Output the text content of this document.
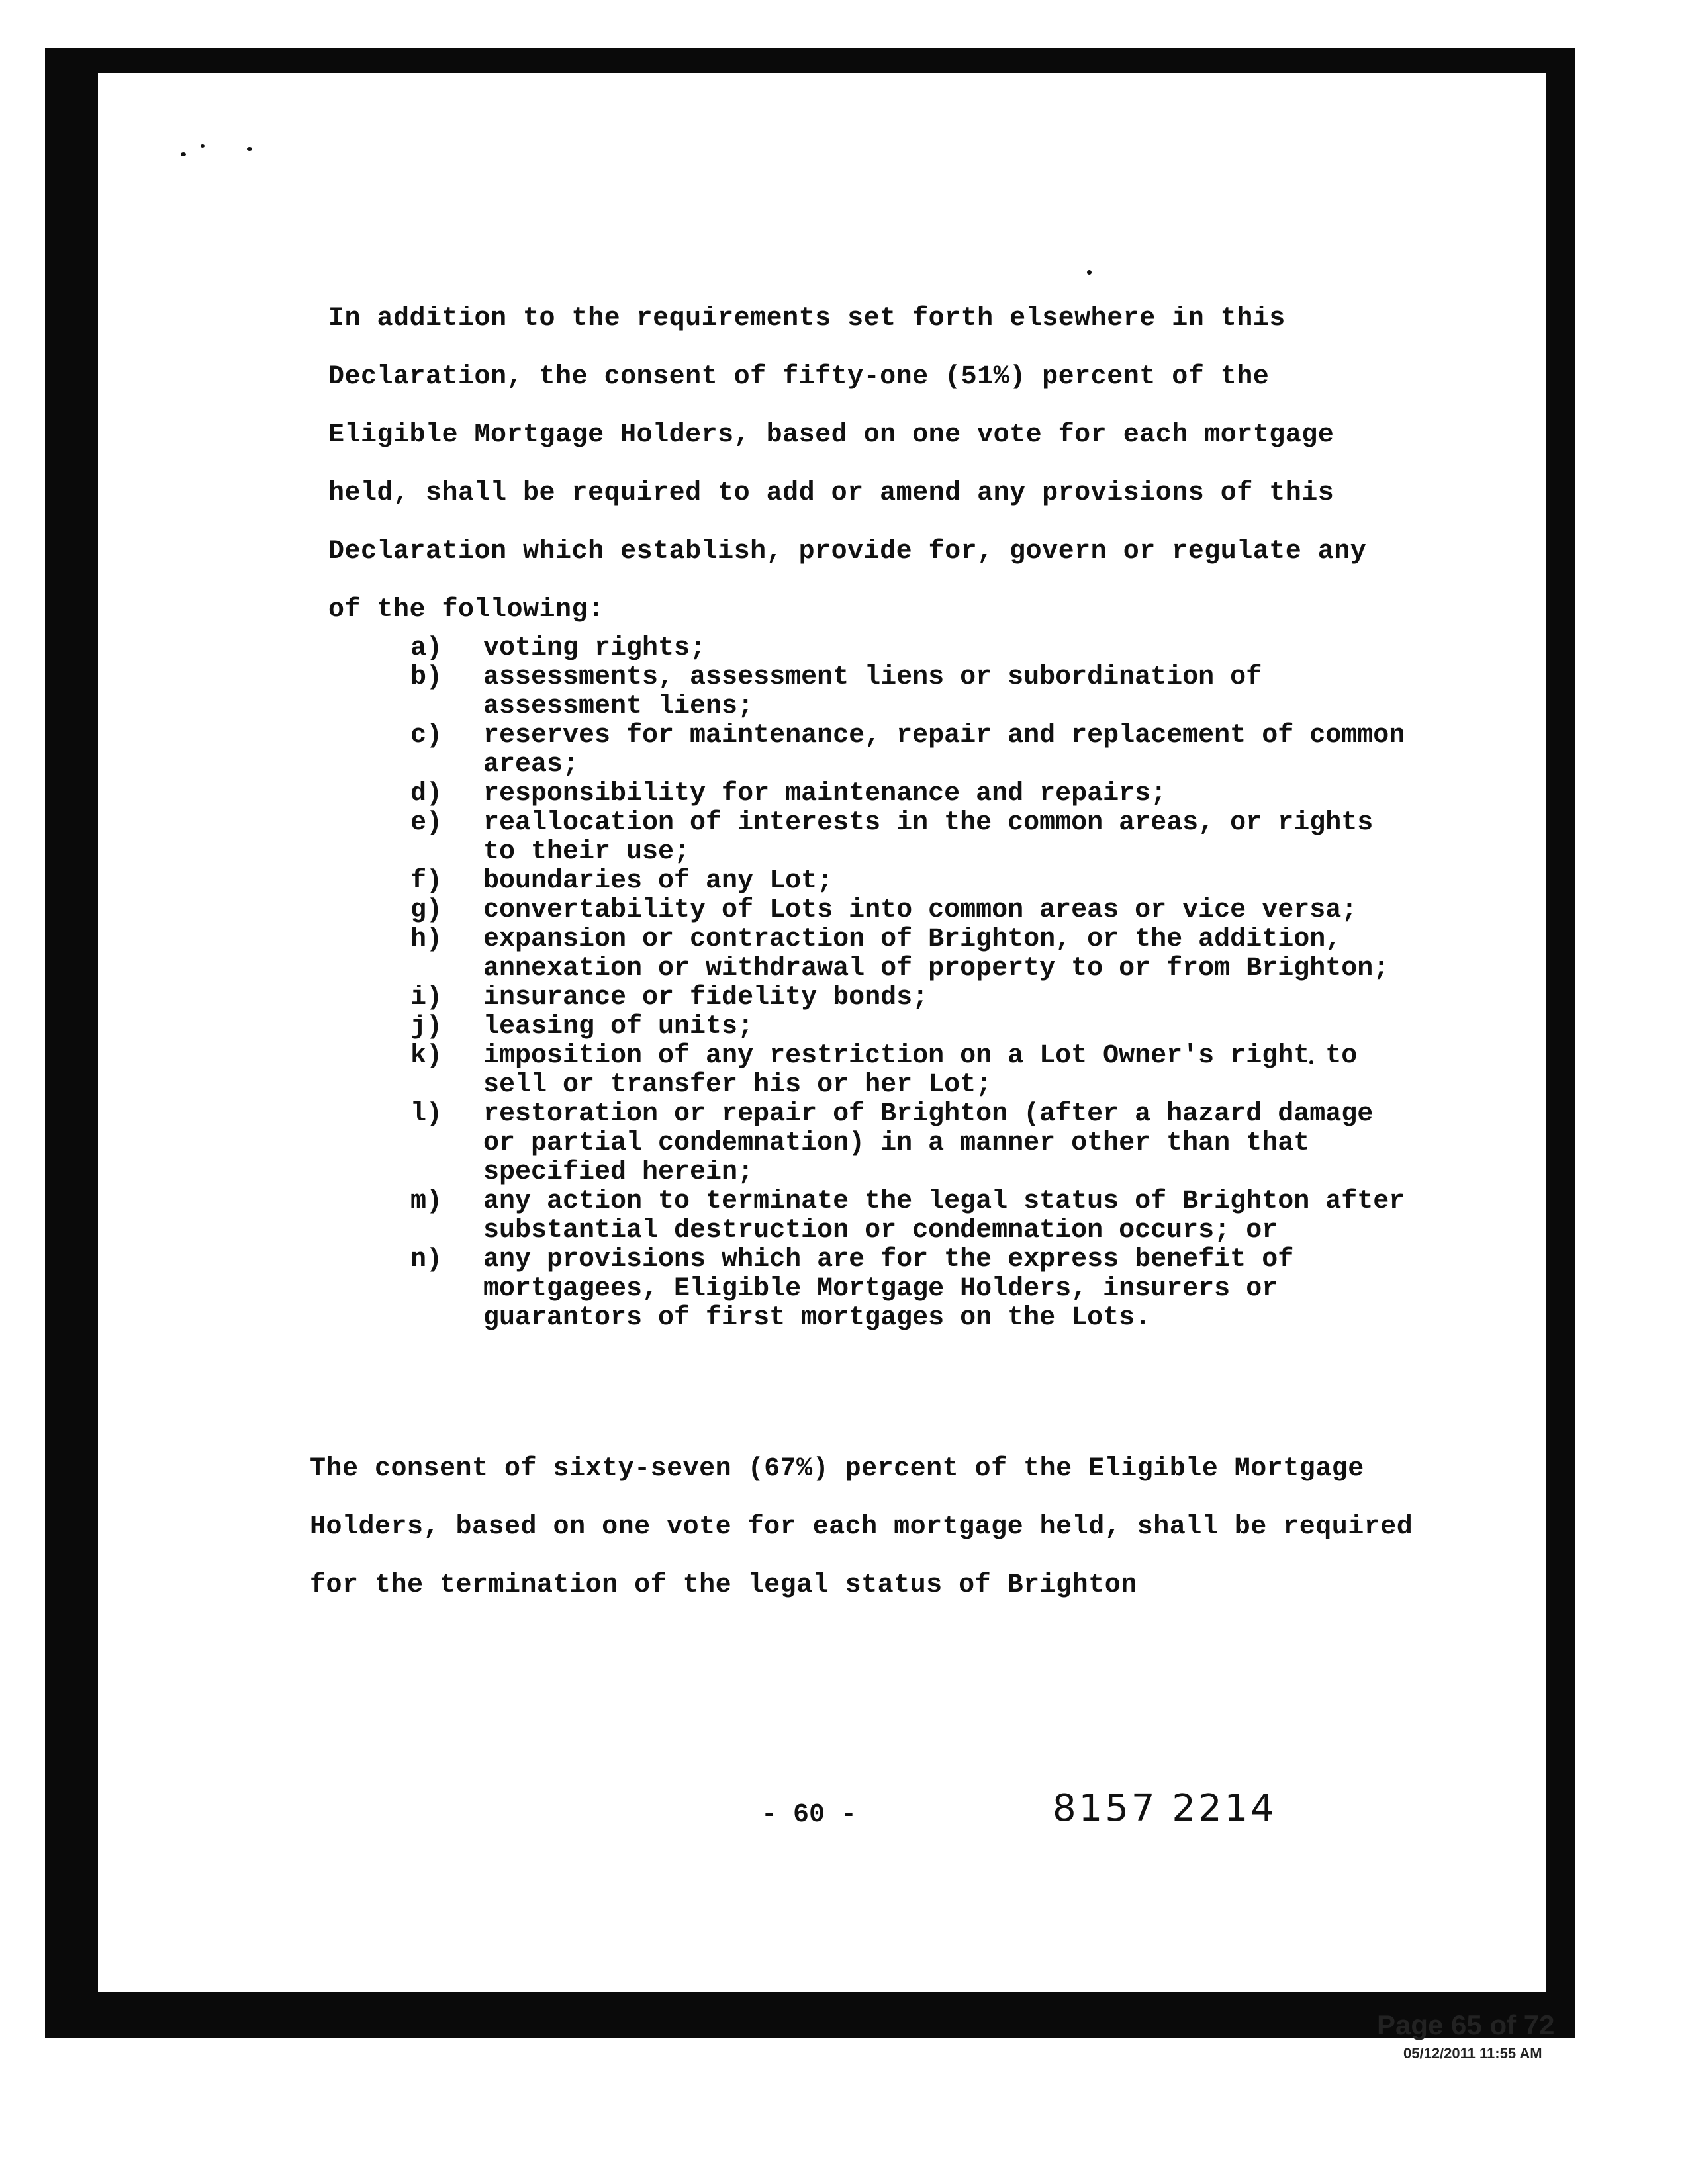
In addition to the requirements set forth elsewhere in this Declaration, the consent of fifty-one (51%) percent of the Eligible Mortgage Holders, based on one vote for each mortgage held, shall be required to add or amend any provisions of this Declaration which establish, provide for, govern or regulate any of the following:

a) voting rights;
b) assessments, assessment liens or subordination of assessment liens;
c) reserves for maintenance, repair and replacement of common areas;
d) responsibility for maintenance and repairs;
e) reallocation of interests in the common areas, or rights to their use;
f) boundaries of any Lot;
g) convertability of Lots into common areas or vice versa;
h) expansion or contraction of Brighton, or the addition, annexation or withdrawal of property to or from Brighton;
i) insurance or fidelity bonds;
j) leasing of units;
k) imposition of any restriction on a Lot Owner's right to sell or transfer his or her Lot;
l) restoration or repair of Brighton (after a hazard damage or partial condemnation) in a manner other than that specified herein;
m) any action to terminate the legal status of Brighton after substantial destruction or condemnation occurs; or
n) any provisions which are for the express benefit of mortgagees, Eligible Mortgage Holders, insurers or guarantors of first mortgages on the Lots.

The consent of sixty-seven (67%) percent of the Eligible Mortgage Holders, based on one vote for each mortgage held, shall be required for the termination of the legal status of Brighton

- 60 -	8157 2214
Page 65 of 72
05/12/2011 11:55 AM
